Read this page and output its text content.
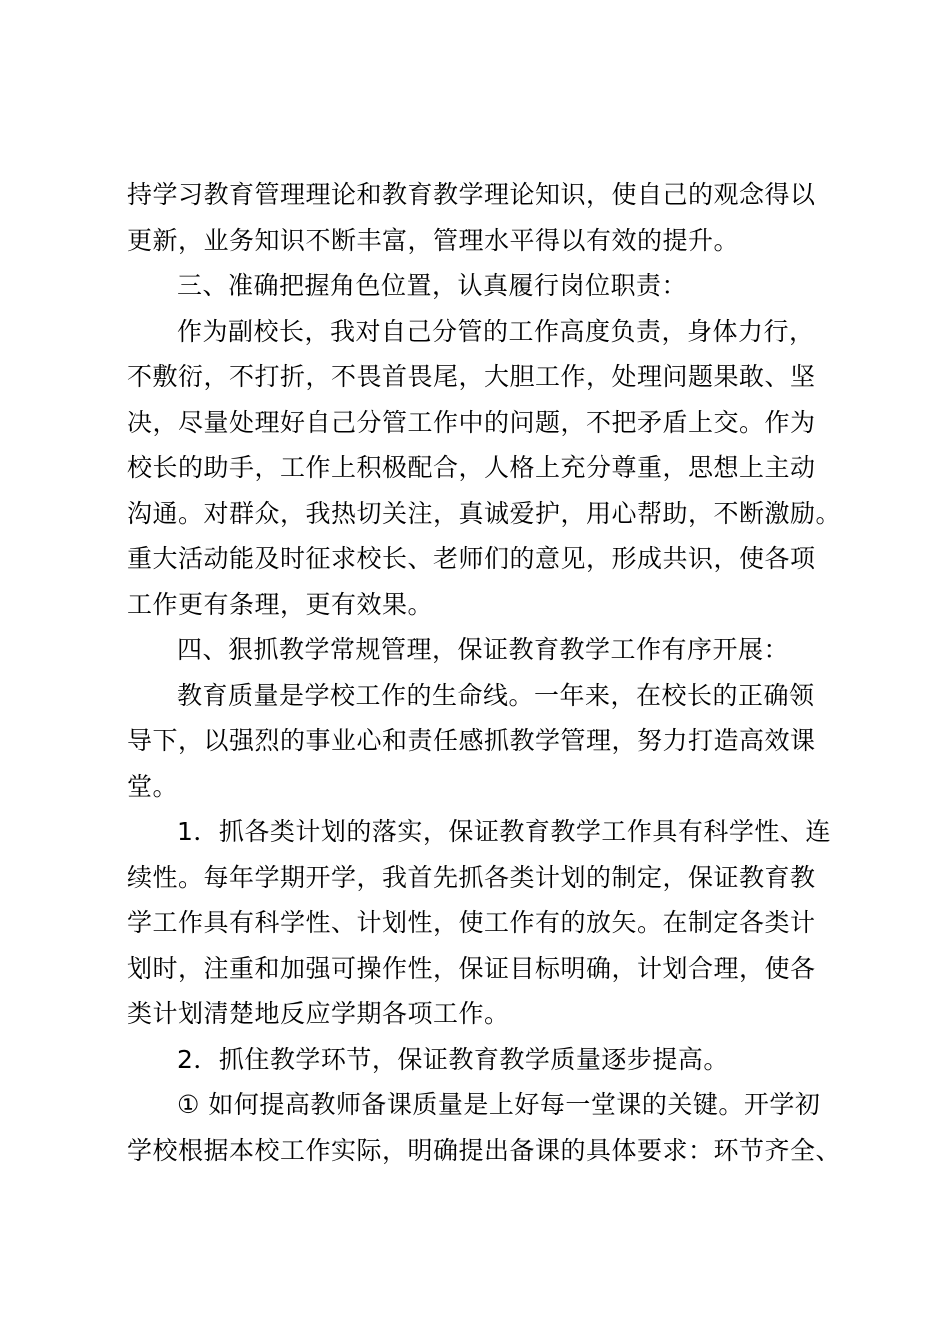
持学习教育管理理论和教育教学理论知识，使自己的观念得以
更新，业务知识不断丰富，管理水平得以有效的提升。
三、准确把握角色位置，认真履行岗位职责：
作为副校长，我对自己分管的工作高度负责，身体力行，
不敷衍，不打折，不畏首畏尾，大胆工作，处理问题果敢、坚
决，尽量处理好自己分管工作中的问题，不把矛盾上交。作为
校长的助手，工作上积极配合，人格上充分尊重，思想上主动
沟通。对群众，我热切关注，真诚爱护，用心帮助，不断激励。
重大活动能及时征求校长、老师们的意见，形成共识，使各项
工作更有条理，更有效果。
四、狠抓教学常规管理，保证教育教学工作有序开展：
教育质量是学校工作的生命线。一年来，在校长的正确领
导下，以强烈的事业心和责任感抓教学管理，努力打造高效课
堂。
1．抓各类计划的落实，保证教育教学工作具有科学性、连
续性。每年学期开学，我首先抓各类计划的制定，保证教育教
学工作具有科学性、计划性，使工作有的放矢。在制定各类计
划时，注重和加强可操作性，保证目标明确，计划合理，使各
类计划清楚地反应学期各项工作。
2．抓住教学环节，保证教育教学质量逐步提高。
① 如何提高教师备课质量是上好每一堂课的关键。开学初
学校根据本校工作实际，明确提出备课的具体要求：环节齐全、
